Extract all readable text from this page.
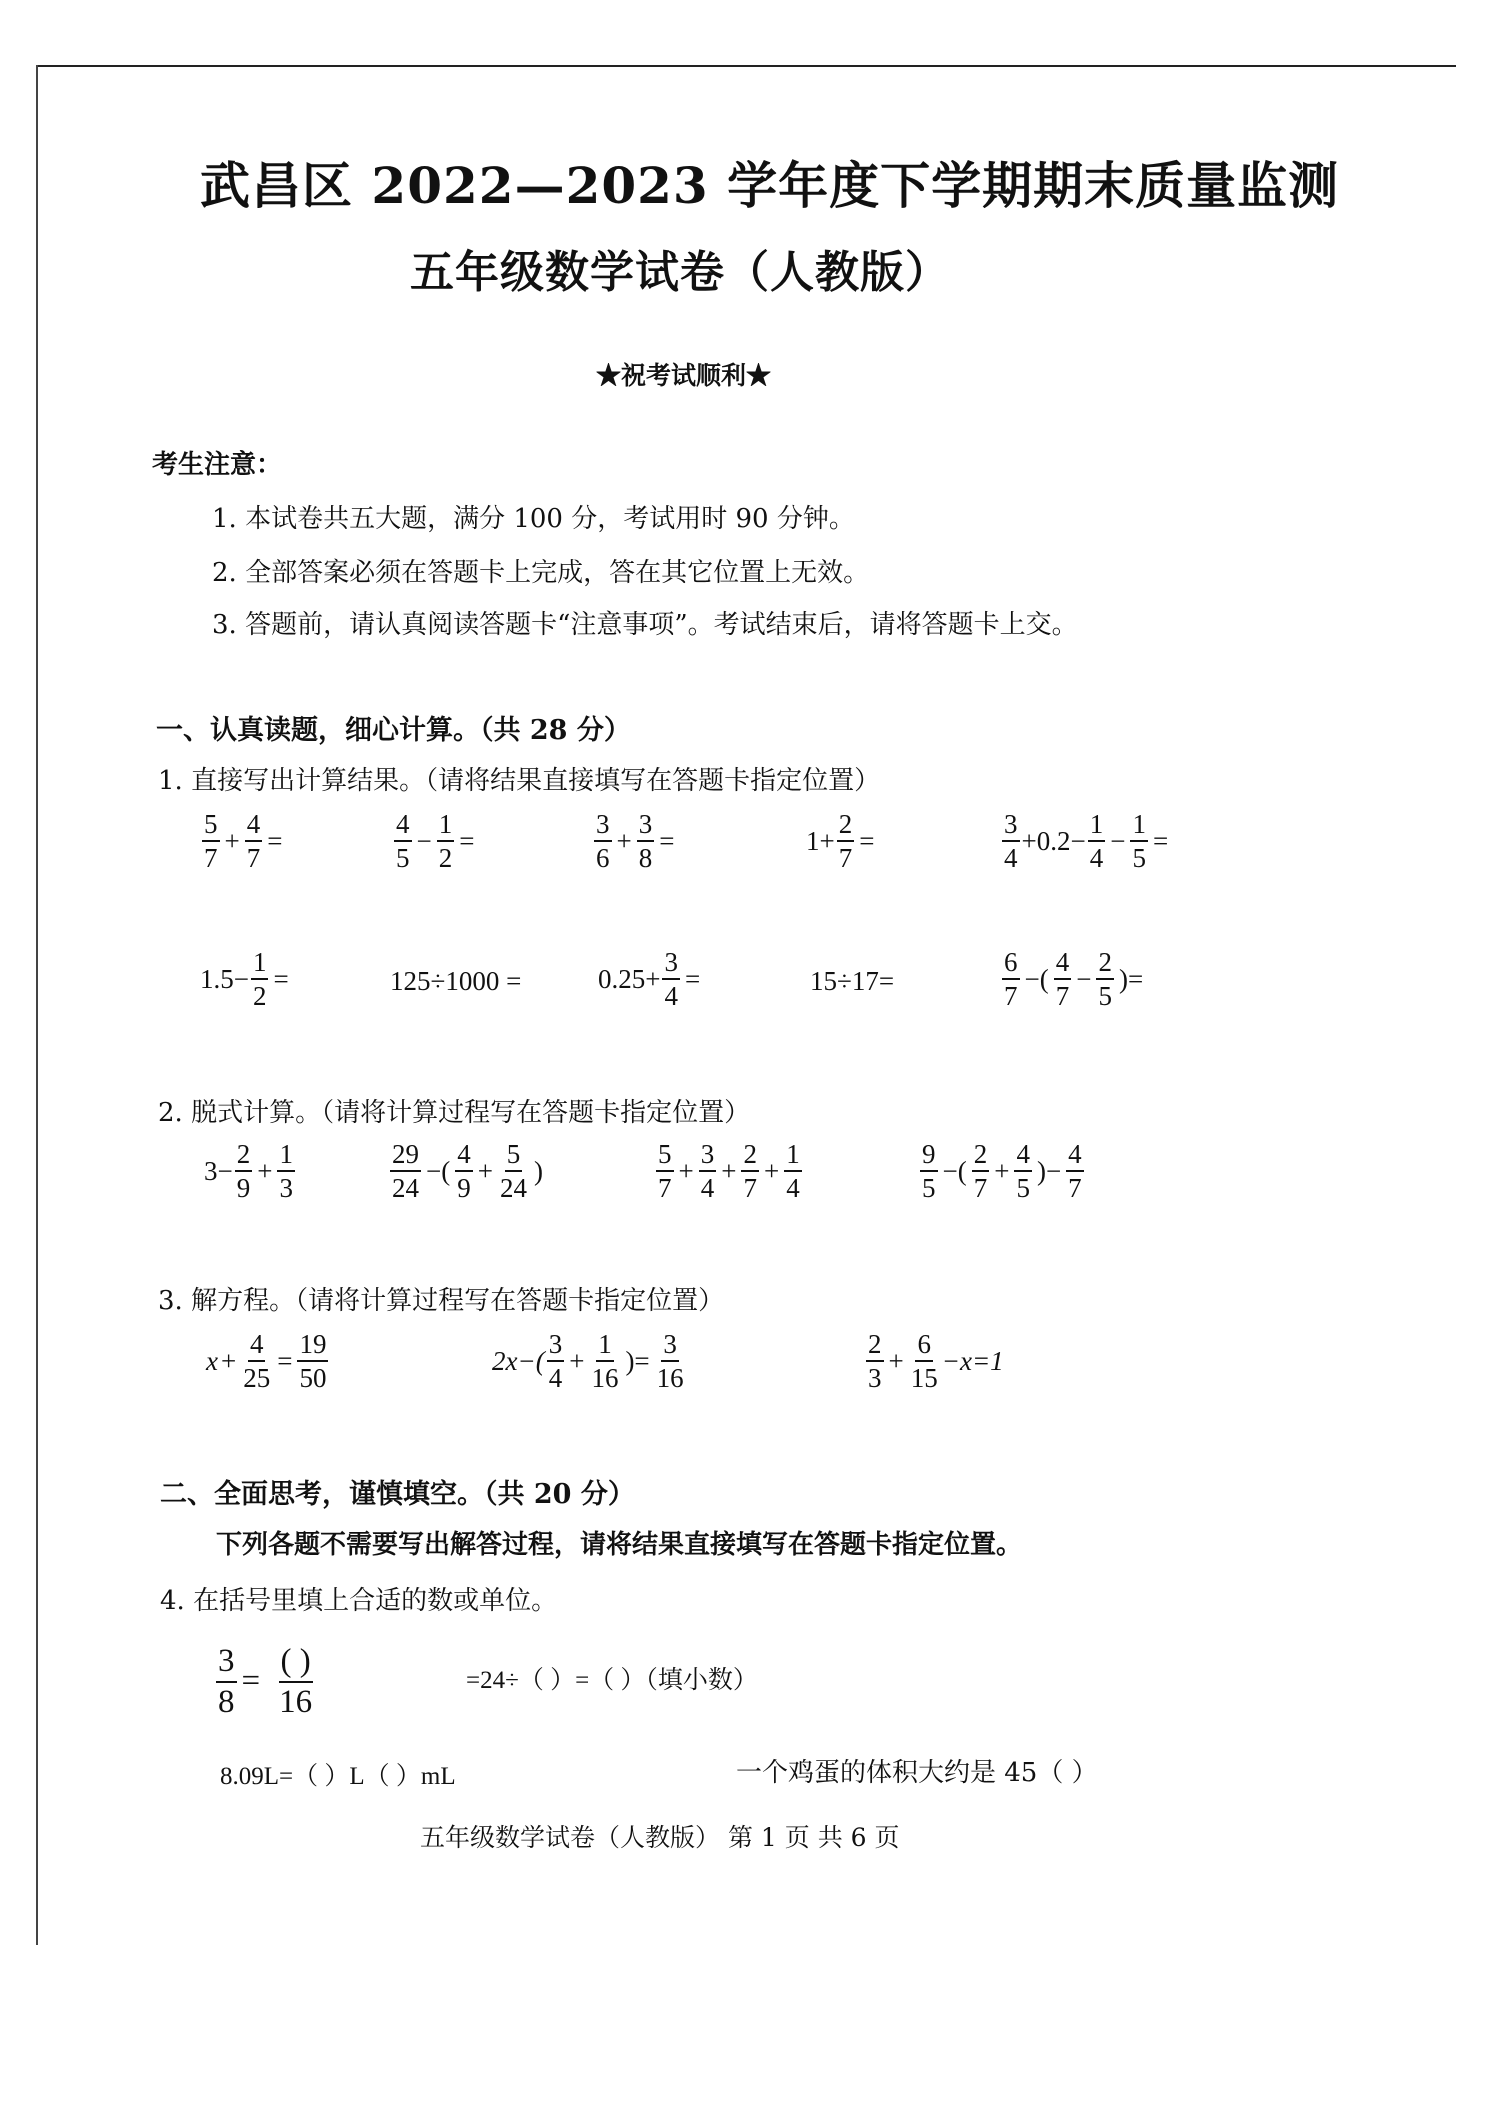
武昌区 2022—2023 学年度下学期期末质量监测
五年级数学试卷（人教版）
★祝考试顺利★
考生注意：
1. 本试卷共五大题，满分 100 分，考试用时 90 分钟。
2. 全部答案必须在答题卡上完成，答在其它位置上无效。
3. 答题前，请认真阅读答题卡“注意事项”。考试结束后，请将答题卡上交。
一、认真读题，细心计算。（共 28 分）
1. 直接写出计算结果。（请将结果直接填写在答题卡指定位置）
$\frac{5}{7} + \frac{4}{7}$ =	$\frac{4}{5} - \frac{1}{2}$ =	$\frac{3}{6} + \frac{3}{8}$ =	$1+ \frac{2}{7}$ =	$\frac{3}{4} +0.2- \frac{1}{4} - \frac{1}{5}$ =
$1.5- \frac{1}{2}$ =	125÷1000 =	$0.25+ \frac{3}{4}$ =	15÷17=	$\frac{6}{7}$ −( $\frac{4}{7} - \frac{2}{5}$ )=
2. 脱式计算。（请将计算过程写在答题卡指定位置）
$3- \frac{2}{9} + \frac{1}{3}$	$\frac{29}{24}$ −( $\frac{4}{9} + \frac{5}{24}$ )	$\frac{5}{7} + \frac{3}{4} + \frac{2}{7} + \frac{1}{4}$	$\frac{9}{5}$ −( $\frac{2}{7} + \frac{4}{5}$ )− $\frac{4}{7}$
3. 解方程。（请将计算过程写在答题卡指定位置）
$x + \frac{4}{25} = \frac{19}{50}$	$2x-( \frac{3}{4} + \frac{1}{16}$ )= $\frac{3}{16}$	$\frac{2}{3} + \frac{6}{15} -x=1$
二、全面思考，谨慎填空。（共 20 分）
下列各题不需要写出解答过程，请将结果直接填写在答题卡指定位置。
4. 在括号里填上合适的数或单位。
$\frac{3}{8} = \frac{( )}{16}$	=24÷（ ）=（ ）（填小数）
8.09L=（ ）L（ ）mL	一个鸡蛋的体积大约是 45（ ）
五年级数学试卷（人教版） 第 1 页 共 6 页
